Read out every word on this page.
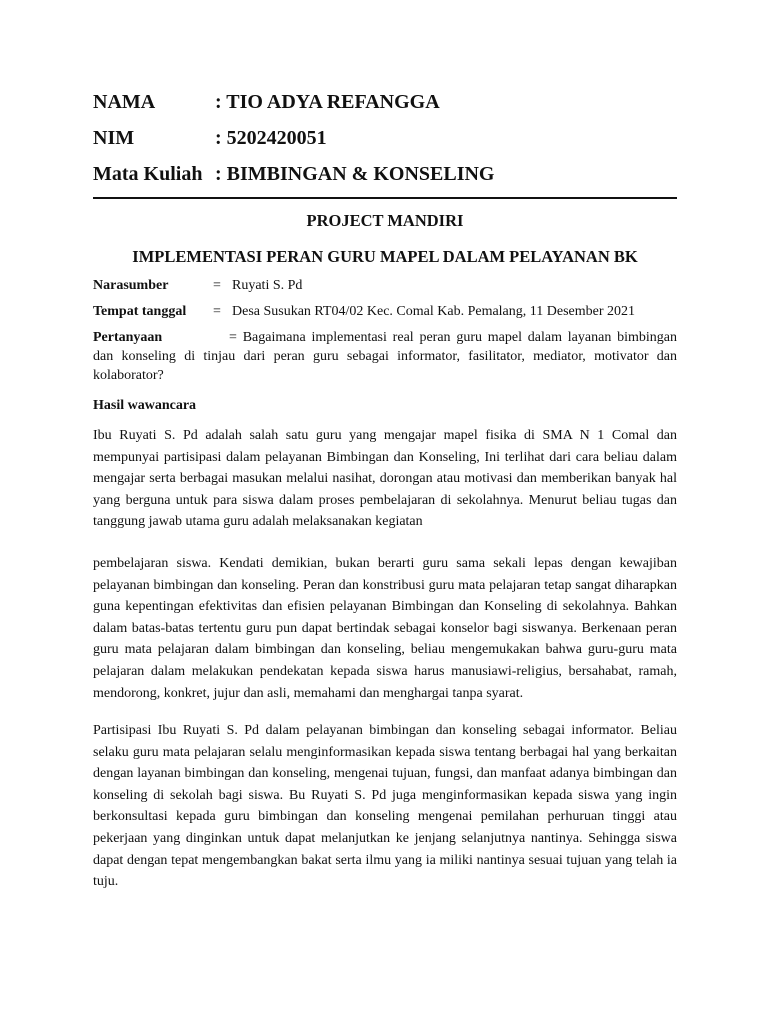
NAMA	: TIO ADYA REFANGGA
NIM	: 5202420051
Mata Kuliah : BIMBINGAN & KONSELING
PROJECT MANDIRI
IMPLEMENTASI PERAN GURU MAPEL DALAM PELAYANAN BK
Narasumber	= Ruyati S. Pd
Tempat tanggal = Desa Susukan RT04/02 Kec. Comal Kab. Pemalang, 11 Desember 2021
Pertanyaan	= Bagaimana implementasi real peran guru mapel dalam layanan bimbingan dan konseling di tinjau dari peran guru sebagai informator, fasilitator, mediator, motivator dan kolaborator?
Hasil wawancara

Ibu Ruyati S. Pd adalah salah satu guru yang mengajar mapel fisika di SMA N 1 Comal dan mempunyai partisipasi dalam pelayanan Bimbingan dan Konseling, Ini terlihat dari cara beliau dalam mengajar serta berbagai masukan melalui nasihat, dorongan atau motivasi dan memberikan banyak hal yang berguna untuk para siswa dalam proses pembelajaran di sekolahnya. Menurut beliau tugas dan tanggung jawab utama guru adalah melaksanakan kegiatan

pembelajaran siswa. Kendati demikian, bukan berarti guru sama sekali lepas dengan kewajiban pelayanan bimbingan dan konseling. Peran dan konstribusi guru mata pelajaran tetap sangat diharapkan guna kepentingan efektivitas dan efisien pelayanan Bimbingan dan Konseling di sekolahnya. Bahkan dalam batas-batas tertentu guru pun dapat bertindak sebagai konselor bagi siswanya. Berkenaan peran guru mata pelajaran dalam bimbingan dan konseling, beliau mengemukakan bahwa guru-guru mata pelajaran dalam melakukan pendekatan kepada siswa harus manusiawi-religius, bersahabat, ramah, mendorong, konkret, jujur dan asli, memahami dan menghargai tanpa syarat.

Partisipasi Ibu Ruyati S. Pd dalam pelayanan bimbingan dan konseling sebagai informator. Beliau selaku guru mata pelajaran selalu menginformasikan kepada siswa tentang berbagai hal yang berkaitan dengan layanan bimbingan dan konseling, mengenai tujuan, fungsi, dan manfaat adanya bimbingan dan konseling di sekolah bagi siswa. Bu Ruyati S. Pd juga menginformasikan kepada siswa yang ingin berkonsultasi kepada guru bimbingan dan konseling mengenai pemilahan perhuruan tinggi atau pekerjaan yang dinginkan untuk dapat melanjutkan ke jenjang selanjutnya nantinya. Sehingga siswa dapat dengan tepat mengembangkan bakat serta ilmu yang ia miliki nantinya sesuai tujuan yang telah ia tuju.
